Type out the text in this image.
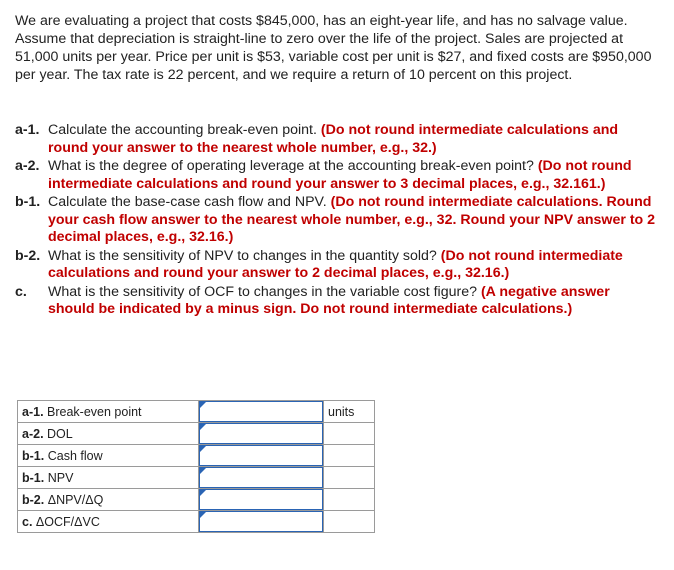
We are evaluating a project that costs $845,000, has an eight-year life, and has no salvage value. Assume that depreciation is straight-line to zero over the life of the project. Sales are projected at 51,000 units per year. Price per unit is $53, variable cost per unit is $27, and fixed costs are $950,000 per year. The tax rate is 22 percent, and we require a return of 10 percent on this project.

a-1. Calculate the accounting break-even point. (Do not round intermediate calculations and round your answer to the nearest whole number, e.g., 32.)
a-2. What is the degree of operating leverage at the accounting break-even point? (Do not round intermediate calculations and round your answer to 3 decimal places, e.g., 32.161.)
b-1. Calculate the base-case cash flow and NPV. (Do not round intermediate calculations. Round your cash flow answer to the nearest whole number, e.g., 32. Round your NPV answer to 2 decimal places, e.g., 32.16.)
b-2. What is the sensitivity of NPV to changes in the quantity sold? (Do not round intermediate calculations and round your answer to 2 decimal places, e.g., 32.16.)
c.	What is the sensitivity of OCF to changes in the variable cost figure? (A negative answer should be indicated by a minus sign. Do not round intermediate calculations.)
a-1. Break-even point		units
a-2. DOL	

b-1. Cash flow	

b-1. NPV	

b-2. ΔNPV/ΔQ	

c. ΔOCF/ΔVC	
